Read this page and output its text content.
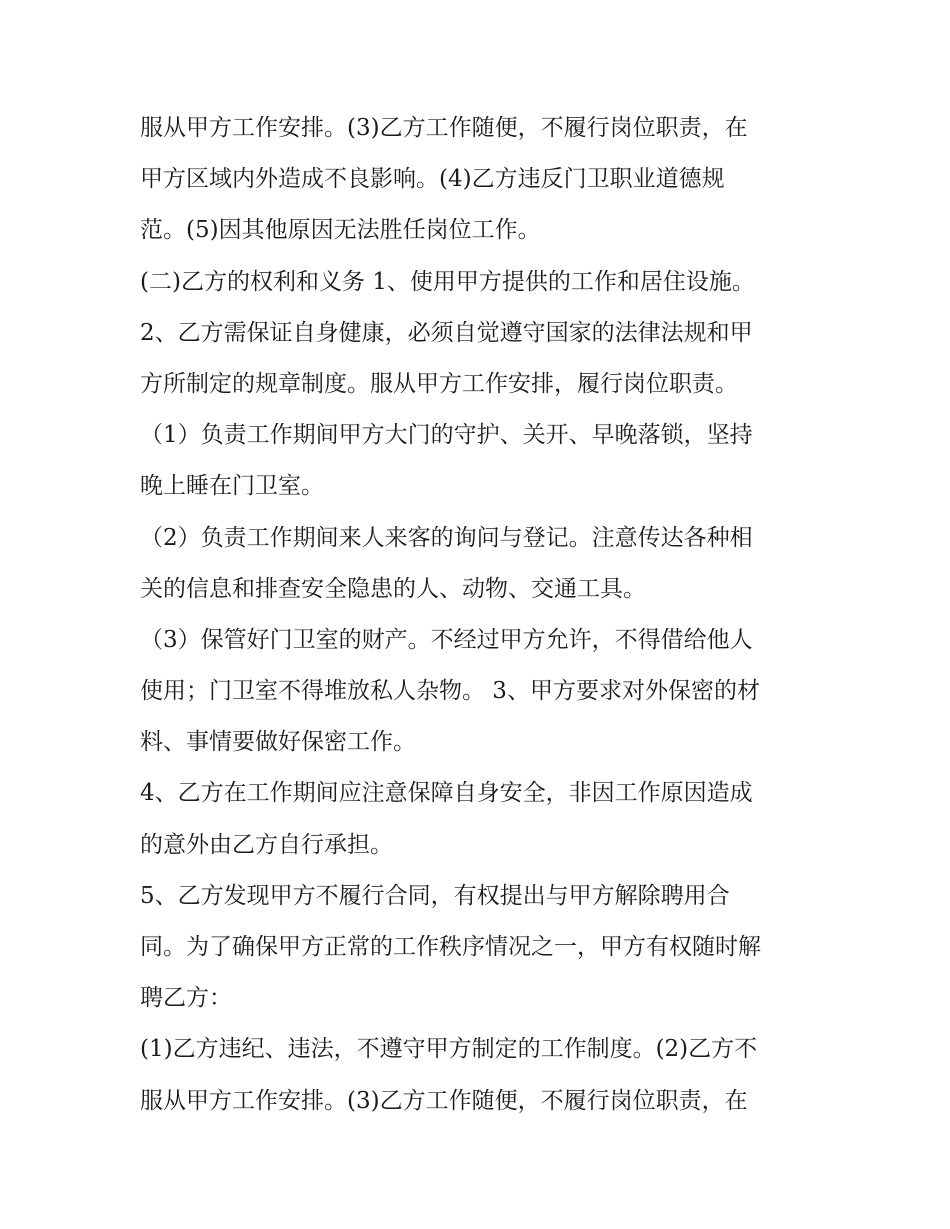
服从甲方工作安排。(3)乙方工作随便，不履行岗位职责，在
甲方区域内外造成不良影响。(4)乙方违反门卫职业道德规
范。(5)因其他原因无法胜任岗位工作。
(二)乙方的权利和义务 1、使用甲方提供的工作和居住设施。
2、乙方需保证自身健康，必须自觉遵守国家的法律法规和甲
方所制定的规章制度。服从甲方工作安排，履行岗位职责。
（1）负责工作期间甲方大门的守护、关开、早晚落锁，坚持
晚上睡在门卫室。
（2）负责工作期间来人来客的询问与登记。注意传达各种相
关的信息和排查安全隐患的人、动物、交通工具。
（3）保管好门卫室的财产。不经过甲方允许，不得借给他人
使用；门卫室不得堆放私人杂物。 3、甲方要求对外保密的材
料、事情要做好保密工作。
4、乙方在工作期间应注意保障自身安全，非因工作原因造成
的意外由乙方自行承担。
5、乙方发现甲方不履行合同，有权提出与甲方解除聘用合
同。为了确保甲方正常的工作秩序情况之一，甲方有权随时解
聘乙方：
(1)乙方违纪、违法，不遵守甲方制定的工作制度。(2)乙方不
服从甲方工作安排。(3)乙方工作随便，不履行岗位职责，在
